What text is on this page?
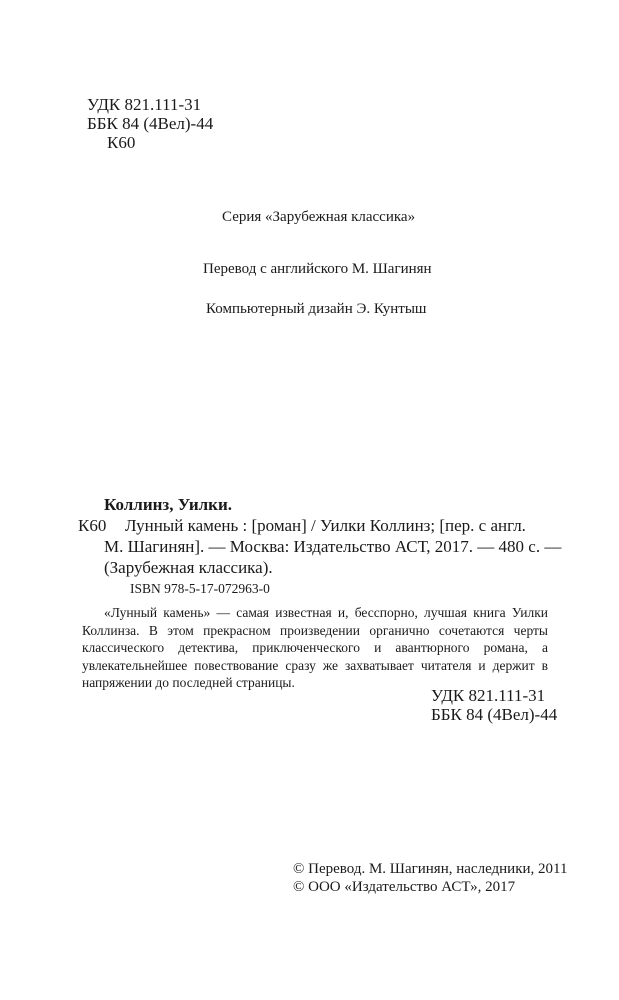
УДК 821.111-31
ББК 84 (4Вел)-44
К60
Серия «Зарубежная классика»
Перевод с английского М. Шагинян
Компьютерный дизайн Э. Кунтыш
Коллинз, Уилки.
К60 Лунный камень : [роман] / Уилки Коллинз; [пер. с англ.
М. Шагинян]. — Москва: Издательство АСТ, 2017. — 480 с. —
(Зарубежная классика).
ISBN 978-5-17-072963-0
«Лунный камень» — самая известная и, бесспорно, лучшая книга Уилки Коллинза. В этом прекрасном произведении органично сочетаются черты классического детектива, приключенческого и авантюрного романа, а увлекательнейшее повествование сразу же захватывает читателя и держит в напряжении до последней страницы.
УДК 821.111-31
ББК 84 (4Вел)-44
© Перевод. М. Шагинян, наследники, 2011
© ООО «Издательство АСТ», 2017
